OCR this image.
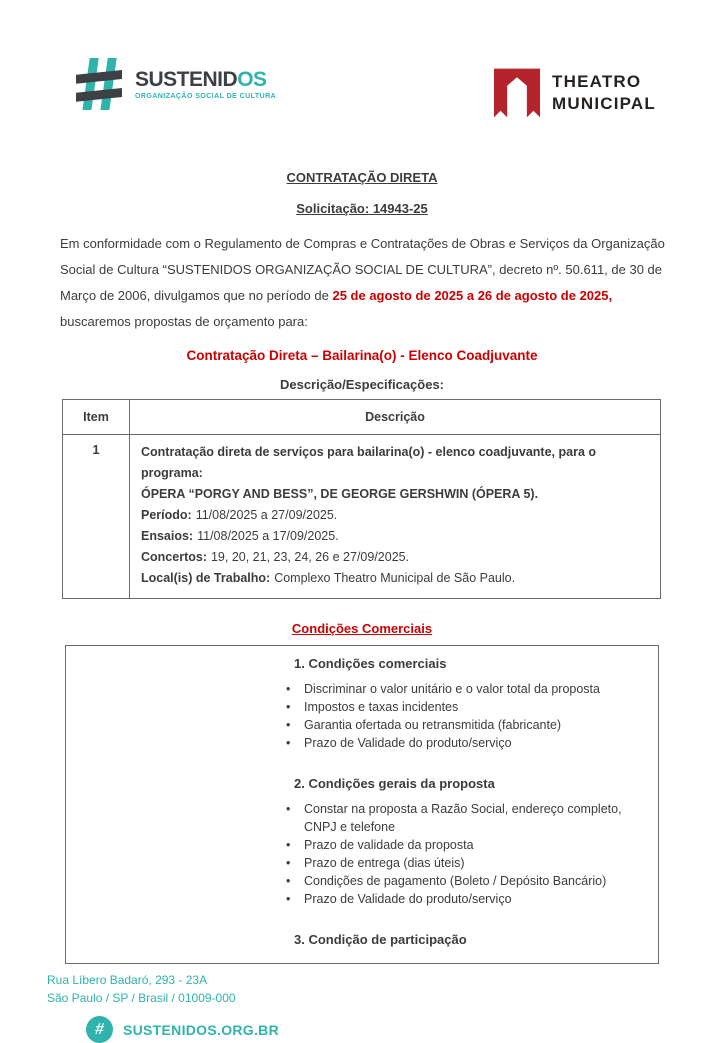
SUSTENIDOS
ORGANIZAÇÃO SOCIAL DE CULTURA
THEATRO
MUNICIPAL
CONTRATAÇÃO DIRETA
Solicitação: 14943-25

Em conformidade com o Regulamento de Compras e Contratações de Obras e Serviços da Organização Social de Cultura “SUSTENIDOS ORGANIZAÇÃO SOCIAL DE CULTURA”, decreto nº. 50.611, de 30 de Março de 2006, divulgamos que no período de 25 de agosto de 2025 a 26 de agosto de 2025, buscaremos propostas de orçamento para:

Contratação Direta – Bailarina(o) - Elenco Coadjuvante
Descrição/Especificações:
Item	Descrição
1	Contratação direta de serviços para bailarina(o) - elenco coadjuvante, para o programa:
ÓPERA “PORGY AND BESS”, DE GEORGE GERSHWIN (ÓPERA 5).
Período: 11/08/2025 a 27/09/2025.
Ensaios: 11/08/2025 a 17/09/2025.
Concertos: 19, 20, 21, 23, 24, 26 e 27/09/2025.
Local(is) de Trabalho: Complexo Theatro Municipal de São Paulo.
Condições Comerciais
1. Condições comerciais
•	Discriminar o valor unitário e o valor total da proposta
•	Impostos e taxas incidentes
•	Garantia ofertada ou retransmitida (fabricante)
•	Prazo de Validade do produto/serviço
2. Condições gerais da proposta
•	Constar na proposta a Razão Social, endereço completo, CNPJ e telefone
•	Prazo de validade da proposta
•	Prazo de entrega (dias úteis)
•	Condições de pagamento (Boleto / Depósito Bancário)
•	Prazo de Validade do produto/serviço
3. Condição de participação
Rua Líbero Badaró, 293 - 23A
São Paulo / SP / Brasil / 01009-000
# SUSTENIDOS.ORG.BR
